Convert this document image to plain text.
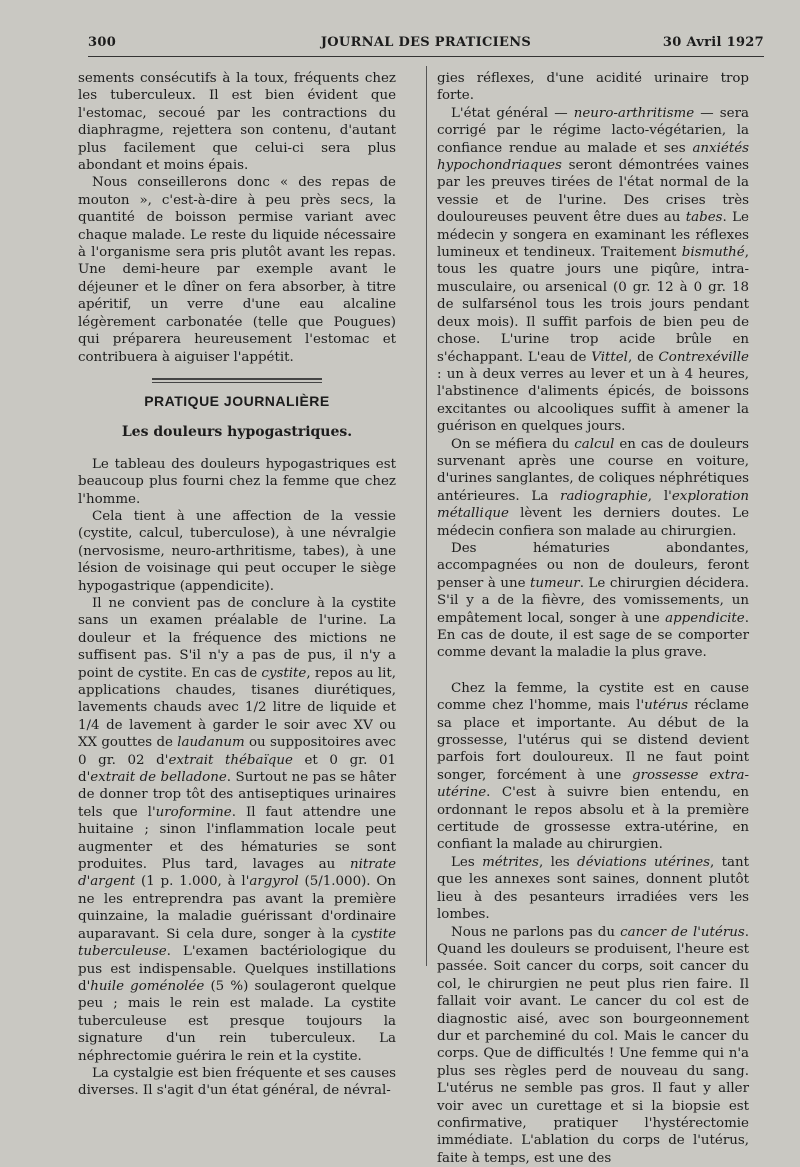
300	JOURNAL DES PRATICIENS	30 Avril 1927

sements consécutifs à la toux, fréquents chez les tuberculeux. Il est bien évident que l'estomac, secoué par les contractions du diaphragme, rejettera son contenu, d'autant plus facilement que celui-ci sera plus abondant et moins épais.

Nous conseillerons donc « des repas de mouton », c'est-à-dire à peu près secs, la quantité de boisson permise variant avec chaque malade. Le reste du liquide nécessaire à l'organisme sera pris plutôt avant les repas. Une demi-heure par exemple avant le déjeuner et le dîner on fera absorber, à titre apéritif, un verre d'une eau alcaline légèrement carbonatée (telle que Pougues) qui préparera heureusement l'estomac et contribuera à aiguiser l'appétit.

PRATIQUE JOURNALIÈRE
Les douleurs hypogastriques.

Le tableau des douleurs hypogastriques est beaucoup plus fourni chez la femme que chez l'homme.

Cela tient à une affection de la vessie (cystite, calcul, tuberculose), à une névralgie (nervosisme, neuro-arthritisme, tabes), à une lésion de voisinage qui peut occuper le siège hypogastrique (appendicite).

Il ne convient pas de conclure à la cystite sans un examen préalable de l'urine. La douleur et la fréquence des mictions ne suffisent pas. S'il n'y a pas de pus, il n'y a point de cystite. En cas de cystite, repos au lit, applications chaudes, tisanes diurétiques, lavements chauds avec 1/2 litre de liquide et 1/4 de lavement à garder le soir avec XV ou XX gouttes de laudanum ou suppositoires avec 0 gr. 02 d'extrait thébaïque et 0 gr. 01 d'extrait de belladone. Surtout ne pas se hâter de donner trop tôt des antiseptiques urinaires tels que l'uroformine. Il faut attendre une huitaine ; sinon l'inflammation locale peut augmenter et des hématuries se sont produites. Plus tard, lavages au nitrate d'argent (1 p. 1.000, à l'argyrol (5/1.000). On ne les entreprendra pas avant la première quinzaine, la maladie guérissant d'ordinaire auparavant. Si cela dure, songer à la cystite tuberculeuse. L'examen bactériologique du pus est indispensable. Quelques instillations d'huile goménolée (5 %) soulageront quelque peu ; mais le rein est malade. La cystite tuberculeuse est presque toujours la signature d'un rein tuberculeux. La néphrectomie guérira le rein et la cystite.

La cystalgie est bien fréquente et ses causes diverses. Il s'agit d'un état général, de névral-

gies réflexes, d'une acidité urinaire trop forte.

L'état général — neuro-arthritisme — sera corrigé par le régime lacto-végétarien, la confiance rendue au malade et ses anxiétés hypochondriaques seront démontrées vaines par les preuves tirées de l'état normal de la vessie et de l'urine. Des crises très douloureuses peuvent être dues au tabes. Le médecin y songera en examinant les réflexes lumineux et tendineux. Traitement bismuthé, tous les quatre jours une piqûre, intra-musculaire, ou arsenical (0 gr. 12 à 0 gr. 18 de sulfarsénol tous les trois jours pendant deux mois). Il suffit parfois de bien peu de chose. L'urine trop acide brûle en s'échappant. L'eau de Vittel, de Contrexéville : un à deux verres au lever et un à 4 heures, l'abstinence d'aliments épicés, de boissons excitantes ou alcooliques suffit à amener la guérison en quelques jours.

On se méfiera du calcul en cas de douleurs survenant après une course en voiture, d'urines sanglantes, de coliques néphrétiques antérieures. La radiographie, l'exploration métallique lèvent les derniers doutes. Le médecin confiera son malade au chirurgien.

Des hématuries abondantes, accompagnées ou non de douleurs, feront penser à une tumeur. Le chirurgien décidera. S'il y a de la fièvre, des vomissements, un empâtement local, songer à une appendicite. En cas de doute, il est sage de se comporter comme devant la maladie la plus grave.

Chez la femme, la cystite est en cause comme chez l'homme, mais l'utérus réclame sa place et importante. Au début de la grossesse, l'utérus qui se distend devient parfois fort douloureux. Il ne faut point songer, forcément à une grossesse extra-utérine. C'est à suivre bien entendu, en ordonnant le repos absolu et à la première certitude de grossesse extra-utérine, en confiant la malade au chirurgien.

Les métrites, les déviations utérines, tant que les annexes sont saines, donnent plutôt lieu à des pesanteurs irradiées vers les lombes.

Nous ne parlons pas du cancer de l'utérus. Quand les douleurs se produisent, l'heure est passée. Soit cancer du corps, soit cancer du col, le chirurgien ne peut plus rien faire. Il fallait voir avant. Le cancer du col est de diagnostic aisé, avec son bourgeonnement dur et parcheminé du col. Mais le cancer du corps. Que de difficultés ! Une femme qui n'a plus ses règles perd de nouveau du sang. L'utérus ne semble pas gros. Il faut y aller voir avec un curettage et si la biopsie est confirmative, pratiquer l'hystérectomie immédiate. L'ablation du corps de l'utérus, faite à temps, est une des
